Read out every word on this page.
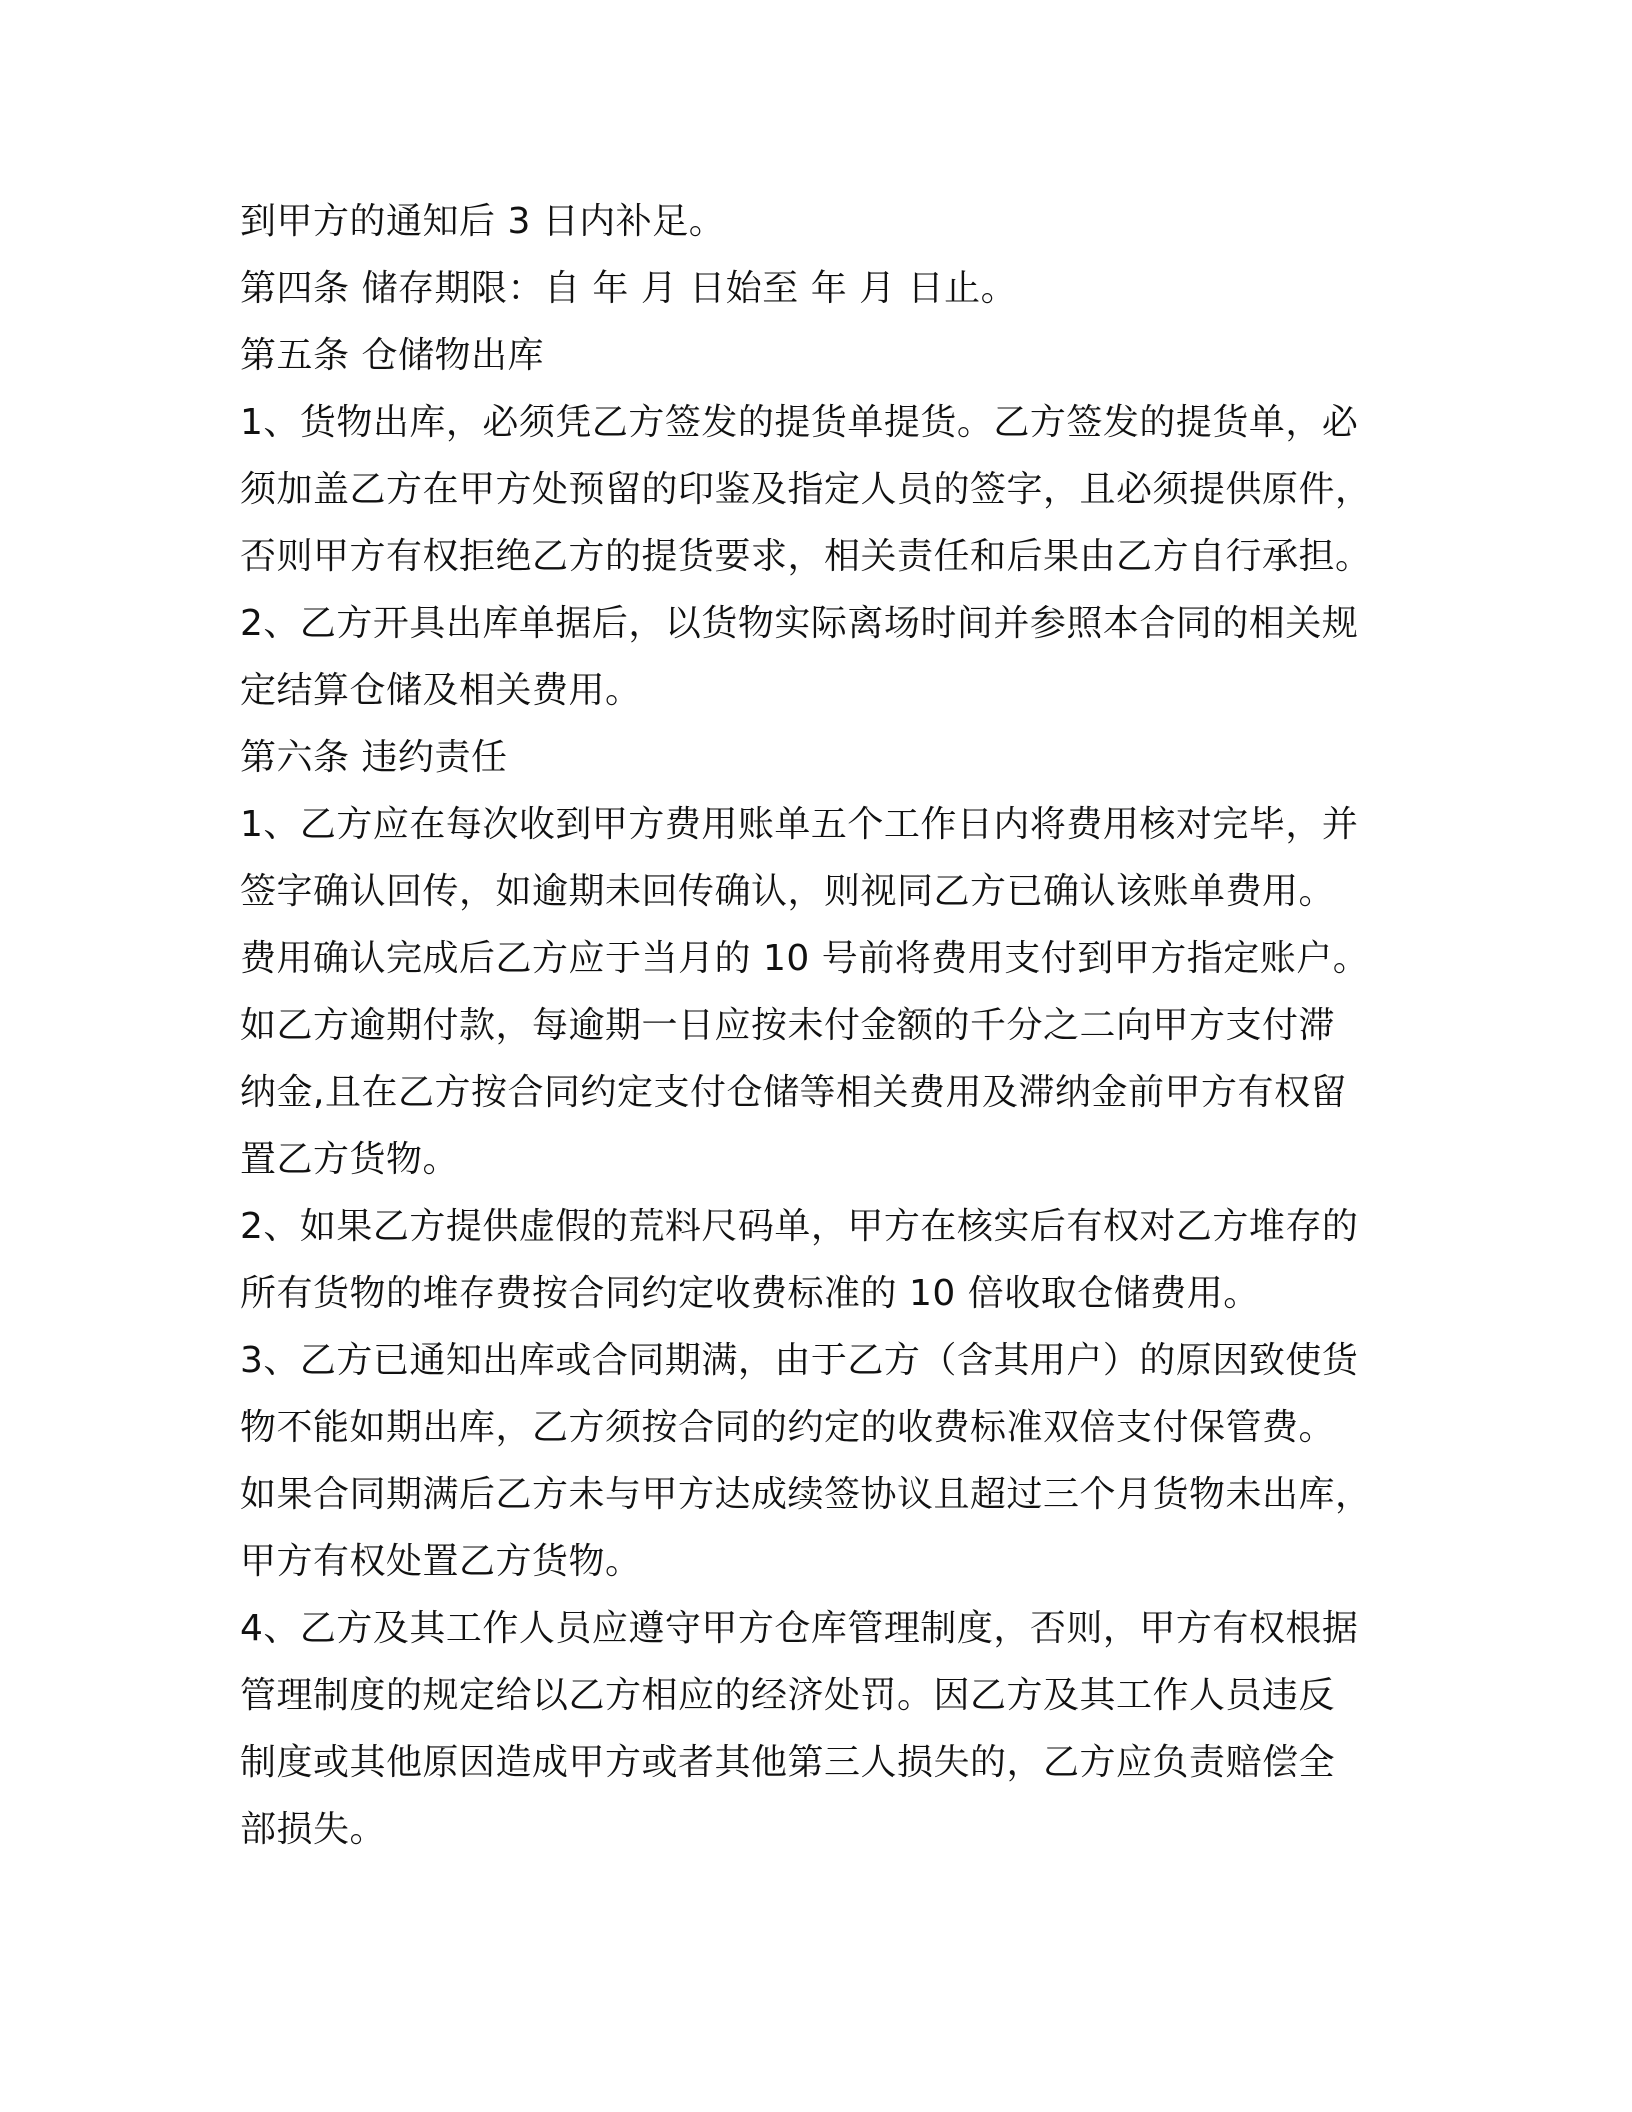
到甲方的通知后 3 日内补足。
第四条 储存期限：自 年 月 日始至 年 月 日止。
第五条 仓储物出库
1、货物出库，必须凭乙方签发的提货单提货。乙方签发的提货单，必
须加盖乙方在甲方处预留的印鉴及指定人员的签字，且必须提供原件，
否则甲方有权拒绝乙方的提货要求，相关责任和后果由乙方自行承担。
2、乙方开具出库单据后，以货物实际离场时间并参照本合同的相关规
定结算仓储及相关费用。
第六条 违约责任
1、乙方应在每次收到甲方费用账单五个工作日内将费用核对完毕，并
签字确认回传，如逾期未回传确认，则视同乙方已确认该账单费用。
费用确认完成后乙方应于当月的 10 号前将费用支付到甲方指定账户。
如乙方逾期付款，每逾期一日应按未付金额的千分之二向甲方支付滞
纳金,且在乙方按合同约定支付仓储等相关费用及滞纳金前甲方有权留
置乙方货物。
2、如果乙方提供虚假的荒料尺码单，甲方在核实后有权对乙方堆存的
所有货物的堆存费按合同约定收费标准的 10 倍收取仓储费用。
3、乙方已通知出库或合同期满，由于乙方（含其用户）的原因致使货
物不能如期出库，乙方须按合同的约定的收费标准双倍支付保管费。
如果合同期满后乙方未与甲方达成续签协议且超过三个月货物未出库，
甲方有权处置乙方货物。
4、乙方及其工作人员应遵守甲方仓库管理制度，否则，甲方有权根据
管理制度的规定给以乙方相应的经济处罚。因乙方及其工作人员违反
制度或其他原因造成甲方或者其他第三人损失的，乙方应负责赔偿全
部损失。
